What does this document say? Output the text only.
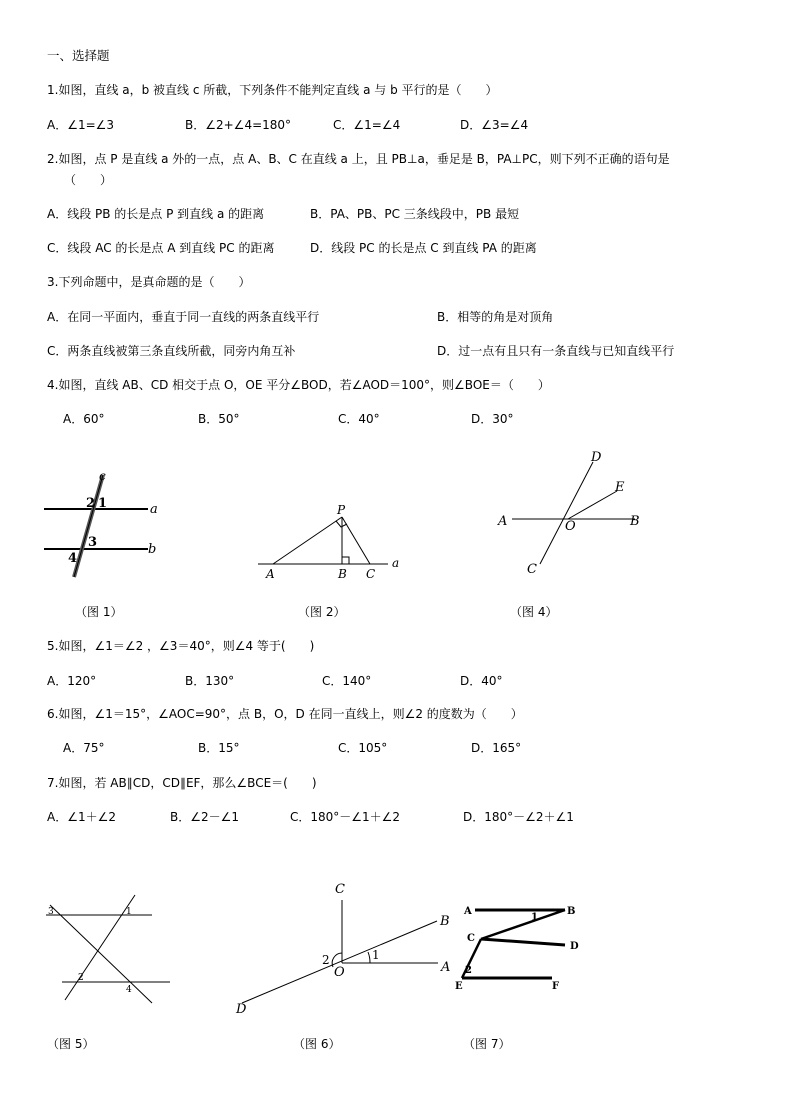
一、选择题
1.如图，直线 a，b 被直线 c 所截，下列条件不能判定直线 a 与 b 平行的是（　　）
A．∠1=∠3	B．∠2+∠4=180°	C．∠1=∠4	D．∠3=∠4
2.如图，点 P 是直线 a 外的一点，点 A、B、C 在直线 a 上，且 PB⊥a，垂足是 B，PA⊥PC，则下列不正确的语句是
（　　）
A．线段 PB 的长是点 P 到直线 a 的距离	B．PA、PB、PC 三条线段中，PB 最短
C．线段 AC 的长是点 A 到直线 PC 的距离	D．线段 PC 的长是点 C 到直线 PA 的距离
3.下列命题中，是真命题的是（　　）
A．在同一平面内，垂直于同一直线的两条直线平行	B．相等的角是对顶角
C．两条直线被第三条直线所截，同旁内角互补	D．过一点有且只有一条直线与已知直线平行
4.如图，直线 AB、CD 相交于点 O，OE 平分∠BOD，若∠AOD＝100°，则∠BOE＝（　　）
A．60°	B．50°	C．40°	D．30°
c
a
b
2 1
3
4
（图 1）
P
A	B C
a
（图 2）
D
E
A	O	B
C
（图 4）
5.如图，∠1＝∠2 ，∠3＝40°，则∠4 等于(　　)
A．120°	B．130°	C．140°	D．40°
6.如图，∠1＝15°，∠AOC=90°，点 B，O，D 在同一直线上，则∠2 的度数为（　　）
A．75°	B．15°	C．105°	D．165°
7.如图，若 AB∥CD，CD∥EF，那么∠BCE＝(　　)
A．∠1＋∠2	B．∠2－∠1	C．180°－∠1＋∠2	D．180°－∠2＋∠1
3	1
2
4
（图 5）
C
B
A
O
D
1
2
（图 6）
A	B
C
D
E	F
1
2
（图 7）
